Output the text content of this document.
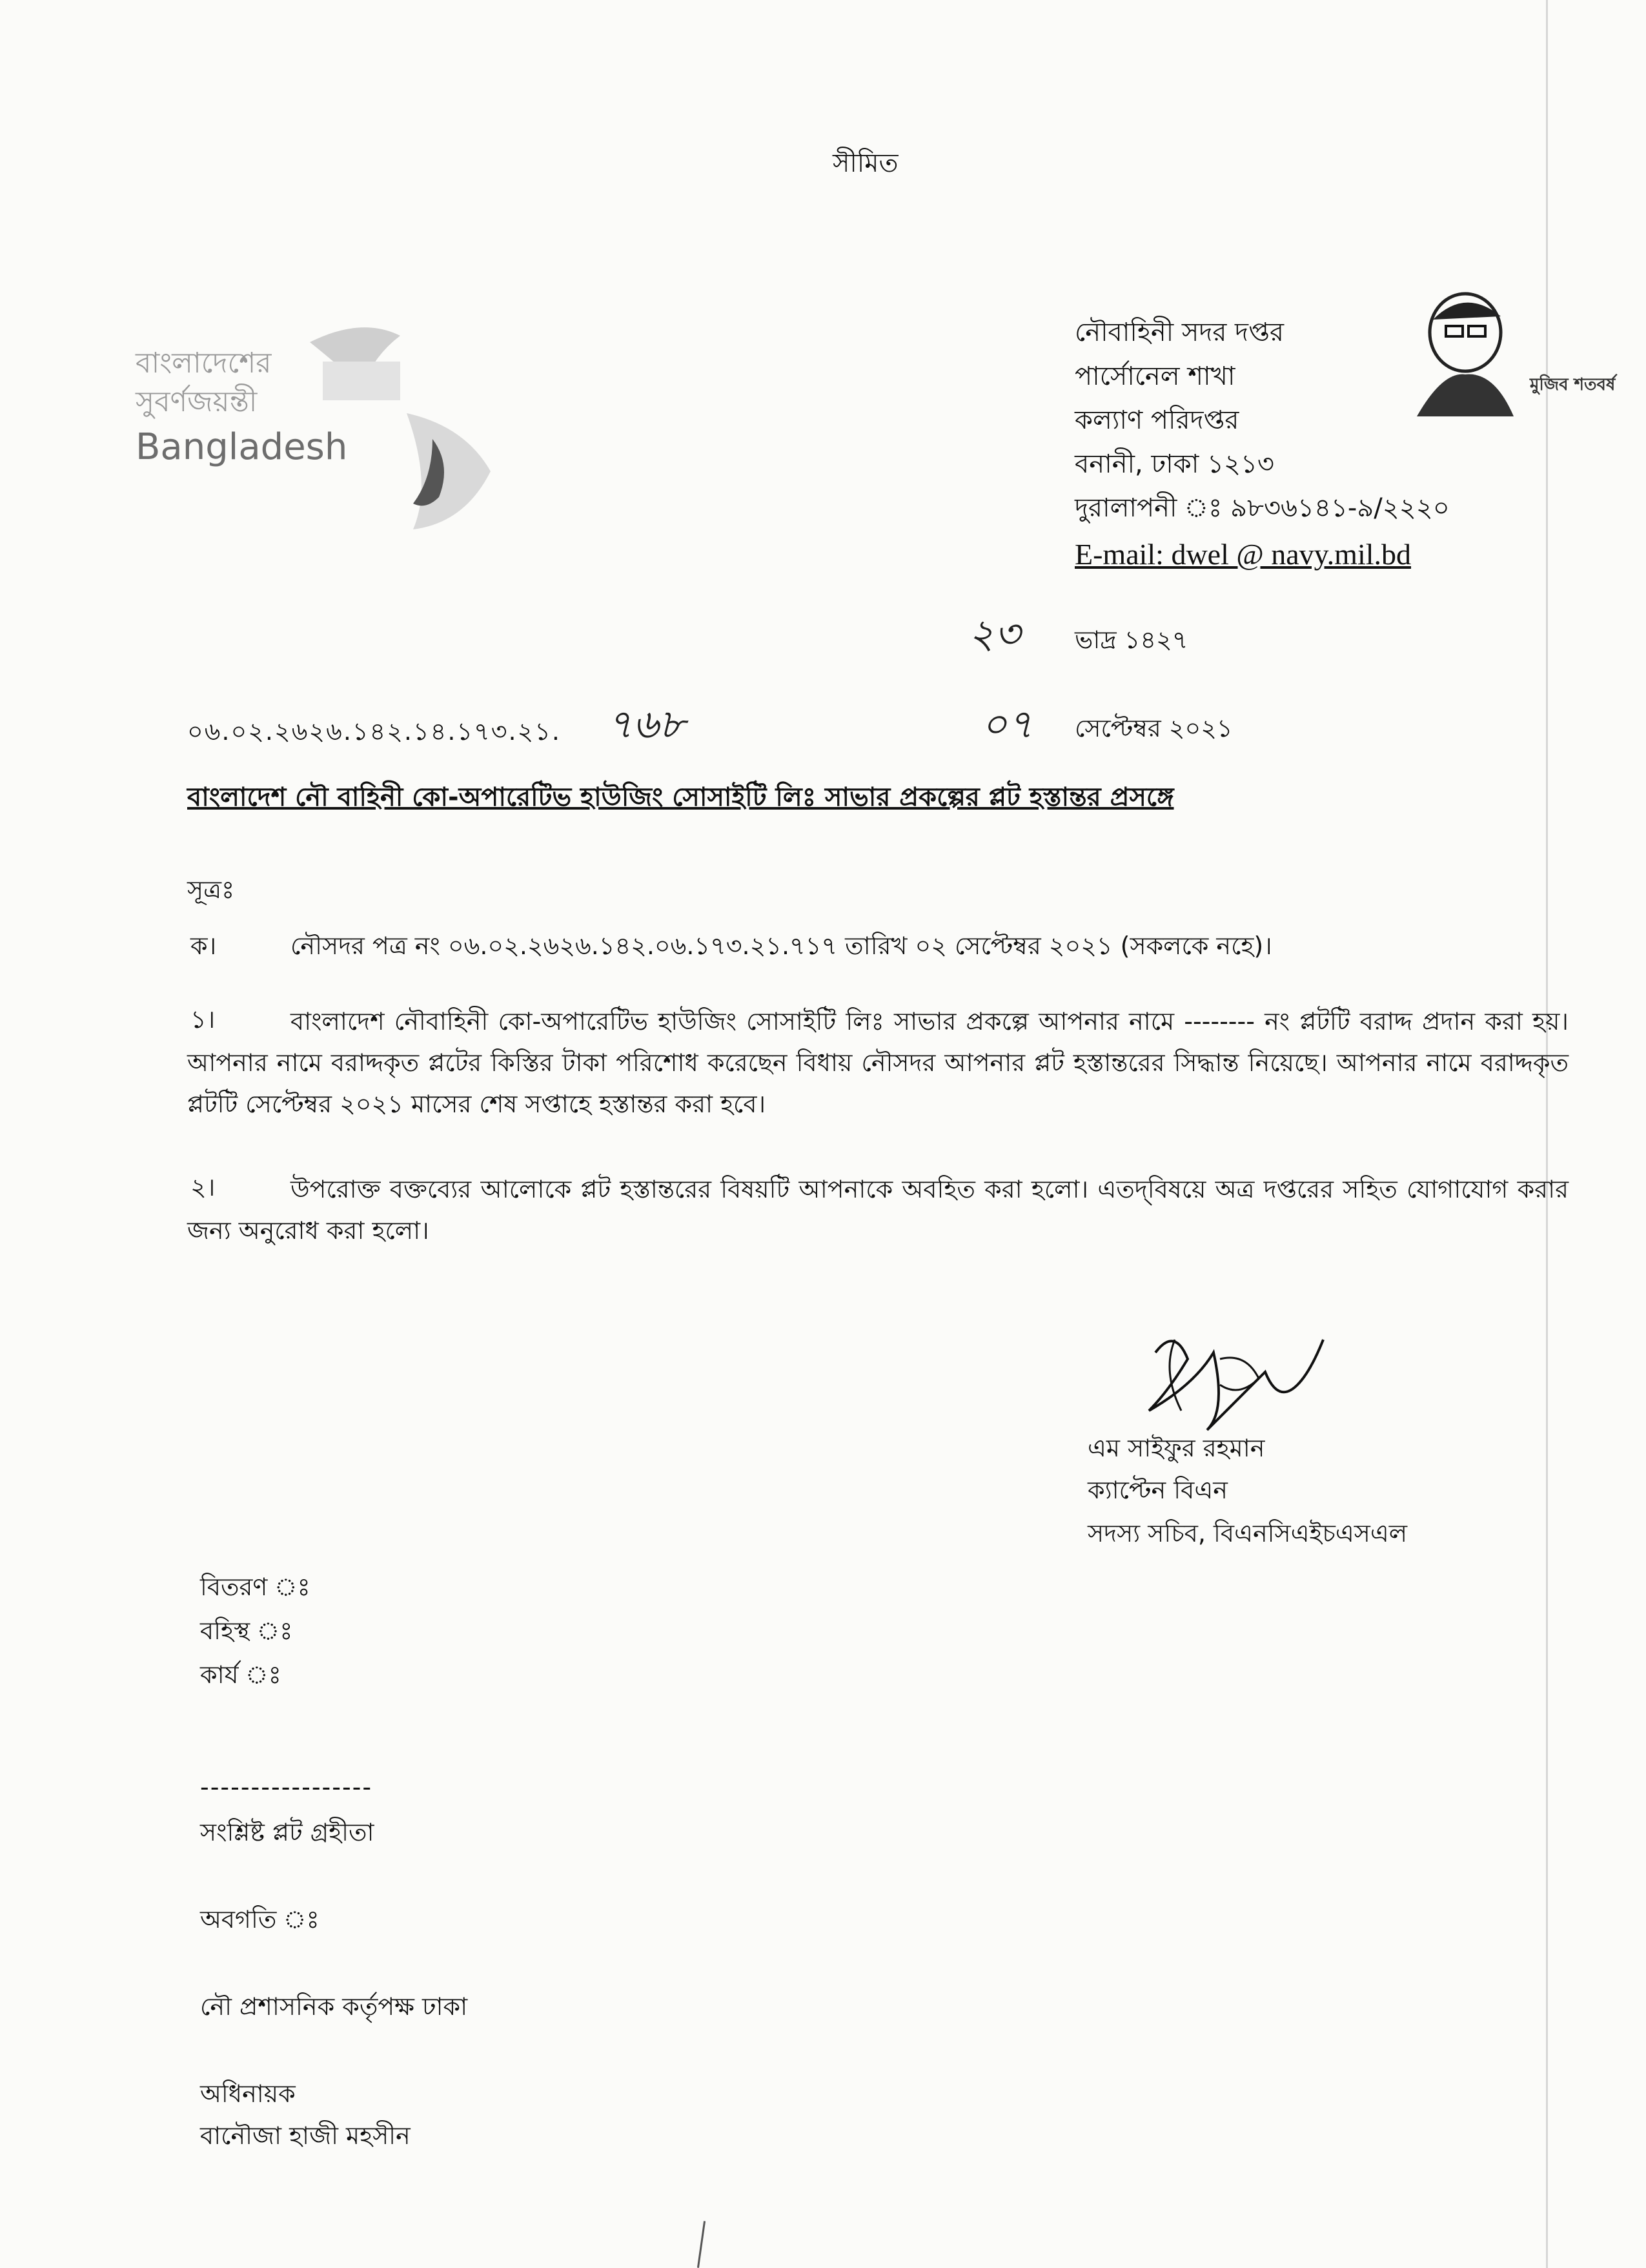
সীমিত
বাংলাদেশের
সুবর্ণজয়ন্তী
Bangladesh
মুজিব শতবর্ষ
নৌবাহিনী সদর দপ্তর
পার্সোনেল শাখা
কল্যাণ পরিদপ্তর
বনানী, ঢাকা ১২১৩
দুরালাপনী ঃ ৯৮৩৬১৪১-৯/২২২০
E-mail: dwel @ navy.mil.bd
২৩ ভাদ্র ১৪২৭
০৬.০২.২৬২৬.১৪২.১৪.১৭৩.২১. ৭৬৮	০৭ সেপ্টেম্বর ২০২১
বাংলাদেশ নৌ বাহিনী কো-অপারেটিভ হাউজিং সোসাইটি লিঃ সাভার প্রকল্পের প্লট হস্তান্তর প্রসঙ্গে
সূত্রঃ
ক।	নৌসদর পত্র নং ০৬.০২.২৬২৬.১৪২.০৬.১৭৩.২১.৭১৭ তারিখ ০২ সেপ্টেম্বর ২০২১ (সকলকে নহে)।
১।	বাংলাদেশ নৌবাহিনী কো-অপারেটিভ হাউজিং সোসাইটি লিঃ সাভার প্রকল্পে আপনার নামে -------- নং প্লটটি বরাদ্দ প্রদান করা হয়। আপনার নামে বরাদ্দকৃত প্লটের কিস্তির টাকা পরিশোধ করেছেন বিধায় নৌসদর আপনার প্লট হস্তান্তরের সিদ্ধান্ত নিয়েছে। আপনার নামে বরাদ্দকৃত প্লটটি সেপ্টেম্বর ২০২১ মাসের শেষ সপ্তাহে হস্তান্তর করা হবে।
২।	উপরোক্ত বক্তব্যের আলোকে প্লট হস্তান্তরের বিষয়টি আপনাকে অবহিত করা হলো। এতদ্‌বিষয়ে অত্র দপ্তরের সহিত যোগাযোগ করার জন্য অনুরোধ করা হলো।
এম সাইফুর রহমান
ক্যাপ্টেন বিএন
সদস্য সচিব, বিএনসিএইচএসএল
বিতরণ ঃ
বহিস্থ ঃ
কার্য ঃ
-----------------
সংশ্লিষ্ট প্লট গ্রহীতা
অবগতি ঃ
নৌ প্রশাসনিক কর্তৃপক্ষ ঢাকা
অধিনায়ক
বানৌজা হাজী মহসীন
